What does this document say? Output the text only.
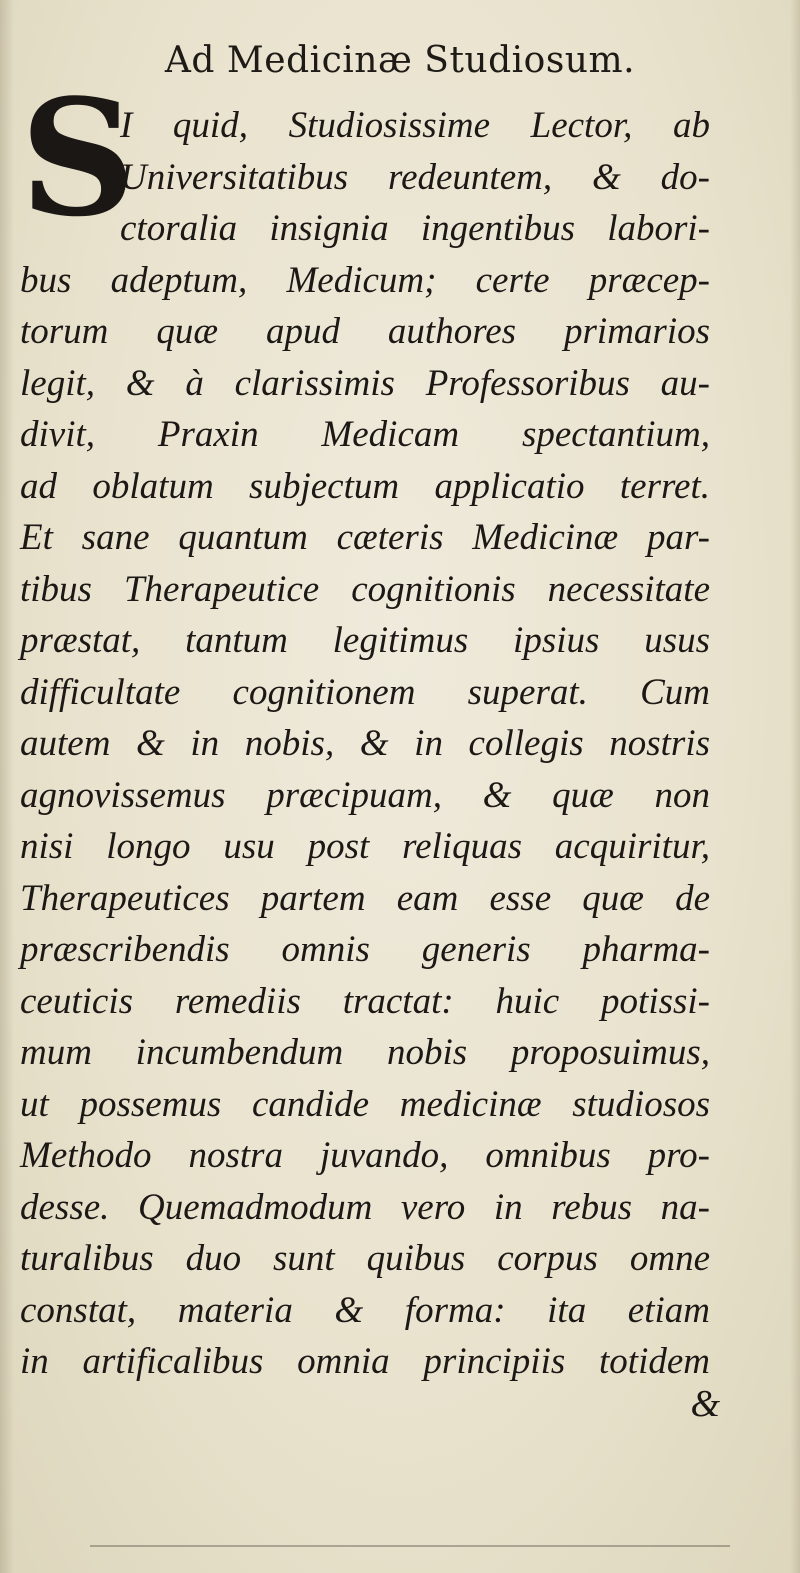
Ad Medicinæ Studiosum.
S
I quid, Studiosissime Lector, ab
Universitatibus redeuntem, & do-
ctoralia insignia ingentibus labori-
bus adeptum, Medicum; certe præcep-
torum quæ apud authores primarios
legit, & à clarissimis Professoribus au-
divit, Praxin Medicam spectantium,
ad oblatum subjectum applicatio terret.
Et sane quantum cæteris Medicinæ par-
tibus Therapeutice cognitionis necessitate
præstat, tantum legitimus ipsius usus
difficultate cognitionem superat. Cum
autem & in nobis, & in collegis nostris
agnovissemus præcipuam, & quæ non
nisi longo usu post reliquas acquiritur,
Therapeutices partem eam esse quæ de
præscribendis omnis generis pharma-
ceuticis remediis tractat: huic potissi-
mum incumbendum nobis proposuimus,
ut possemus candide medicinæ studiosos
Methodo nostra juvando, omnibus pro-
desse. Quemadmodum vero in rebus na-
turalibus duo sunt quibus corpus omne
constat, materia & forma: ita etiam
in artificalibus omnia principiis totidem
&
